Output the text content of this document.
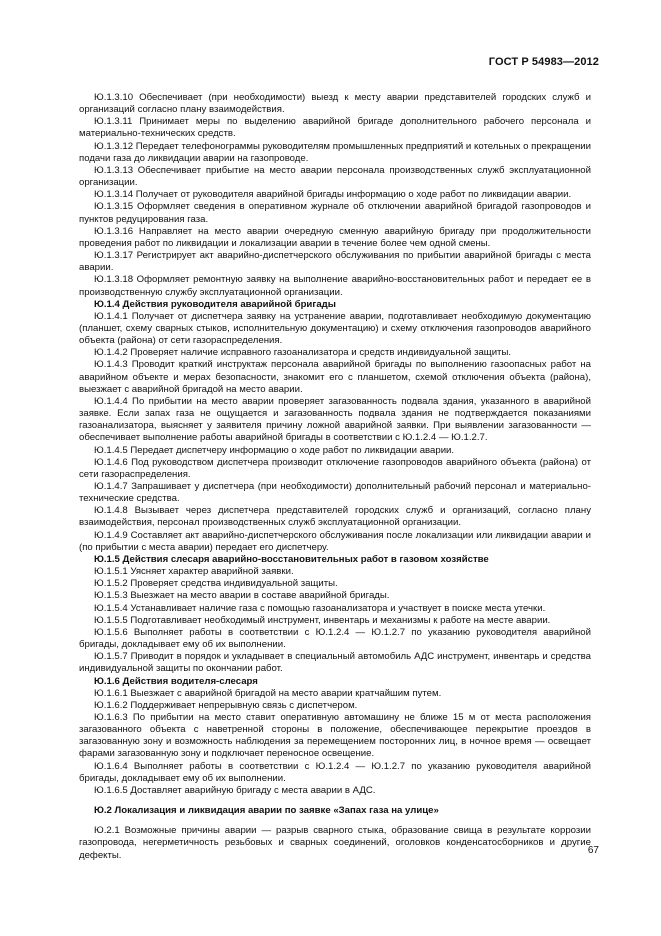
ГОСТ Р 54983—2012

Ю.1.3.10 Обеспечивает (при необходимости) выезд к месту аварии представителей городских служб и организаций согласно плану взаимодействия.

Ю.1.3.11 Принимает меры по выделению аварийной бригаде дополнительного рабочего персонала и материально-технических средств.

Ю.1.3.12 Передает телефонограммы руководителям промышленных предприятий и котельных о прекращении подачи газа до ликвидации аварии на газопроводе.

Ю.1.3.13 Обеспечивает прибытие на место аварии персонала производственных служб эксплуатационной организации.

Ю.1.3.14 Получает от руководителя аварийной бригады информацию о ходе работ по ликвидации аварии.

Ю.1.3.15 Оформляет сведения в оперативном журнале об отключении аварийной бригадой газопроводов и пунктов редуцирования газа.

Ю.1.3.16 Направляет на место аварии очередную сменную аварийную бригаду при продолжительности проведения работ по ликвидации и локализации аварии в течение более чем одной смены.

Ю.1.3.17 Регистрирует акт аварийно-диспетчерского обслуживания по прибытии аварийной бригады с места аварии.

Ю.1.3.18 Оформляет ремонтную заявку на выполнение аварийно-восстановительных работ и передает ее в производственную службу эксплуатационной организации.

Ю.1.4 Действия руководителя аварийной бригады

Ю.1.4.1 Получает от диспетчера заявку на устранение аварии, подготавливает необходимую документацию (планшет, схему сварных стыков, исполнительную документацию) и схему отключения газопроводов аварийного объекта (района) от сети газораспределения.

Ю.1.4.2 Проверяет наличие исправного газоанализатора и средств индивидуальной защиты.

Ю.1.4.3 Проводит краткий инструктаж персонала аварийной бригады по выполнению газоопасных работ на аварийном объекте и мерах безопасности, знакомит его с планшетом, схемой отключения объекта (района), выезжает с аварийной бригадой на место аварии.

Ю.1.4.4 По прибытии на место аварии проверяет загазованность подвала здания, указанного в аварийной заявке. Если запах газа не ощущается и загазованность подвала здания не подтверждается показаниями газоанализатора, выясняет у заявителя причину ложной аварийной заявки. При выявлении загазованности — обеспечивает выполнение работы аварийной бригады в соответствии с Ю.1.2.4 — Ю.1.2.7.

Ю.1.4.5 Передает диспетчеру информацию о ходе работ по ликвидации аварии.

Ю.1.4.6 Под руководством диспетчера производит отключение газопроводов аварийного объекта (района) от сети газораспределения.

Ю.1.4.7 Запрашивает у диспетчера (при необходимости) дополнительный рабочий персонал и материально-технические средства.

Ю.1.4.8 Вызывает через диспетчера представителей городских служб и организаций, согласно плану взаимодействия, персонал производственных служб эксплуатационной организации.

Ю.1.4.9 Составляет акт аварийно-диспетчерского обслуживания после локализации или ликвидации аварии и (по прибытии с места аварии) передает его диспетчеру.

Ю.1.5 Действия слесаря аварийно-восстановительных работ в газовом хозяйстве

Ю.1.5.1 Уясняет характер аварийной заявки.

Ю.1.5.2 Проверяет средства индивидуальной защиты.

Ю.1.5.3 Выезжает на место аварии в составе аварийной бригады.

Ю.1.5.4 Устанавливает наличие газа с помощью газоанализатора и участвует в поиске места утечки.

Ю.1.5.5 Подготавливает необходимый инструмент, инвентарь и механизмы к работе на месте аварии.

Ю.1.5.6 Выполняет работы в соответствии с Ю.1.2.4 — Ю.1.2.7 по указанию руководителя аварийной бригады, докладывает ему об их выполнении.

Ю.1.5.7 Приводит в порядок и укладывает в специальный автомобиль АДС инструмент, инвентарь и средства индивидуальной защиты по окончании работ.

Ю.1.6 Действия водителя-слесаря

Ю.1.6.1 Выезжает с аварийной бригадой на место аварии кратчайшим путем.

Ю.1.6.2 Поддерживает непрерывную связь с диспетчером.

Ю.1.6.3 По прибытии на место ставит оперативную автомашину не ближе 15 м от места расположения загазованного объекта с наветренной стороны в положение, обеспечивающее перекрытие проездов в загазованную зону и возможность наблюдения за перемещением посторонних лиц, в ночное время — освещает фарами загазованную зону и подключает переносное освещение.

Ю.1.6.4 Выполняет работы в соответствии с Ю.1.2.4 — Ю.1.2.7 по указанию руководителя аварийной бригады, докладывает ему об их выполнении.

Ю.1.6.5 Доставляет аварийную бригаду с места аварии в АДС.

Ю.2 Локализация и ликвидация аварии по заявке «Запах газа на улице»

Ю.2.1 Возможные причины аварии — разрыв сварного стыка, образование свища в результате коррозии газопровода, негерметичность резьбовых и сварных соединений, оголовков конденсатосборников и другие дефекты.	67
